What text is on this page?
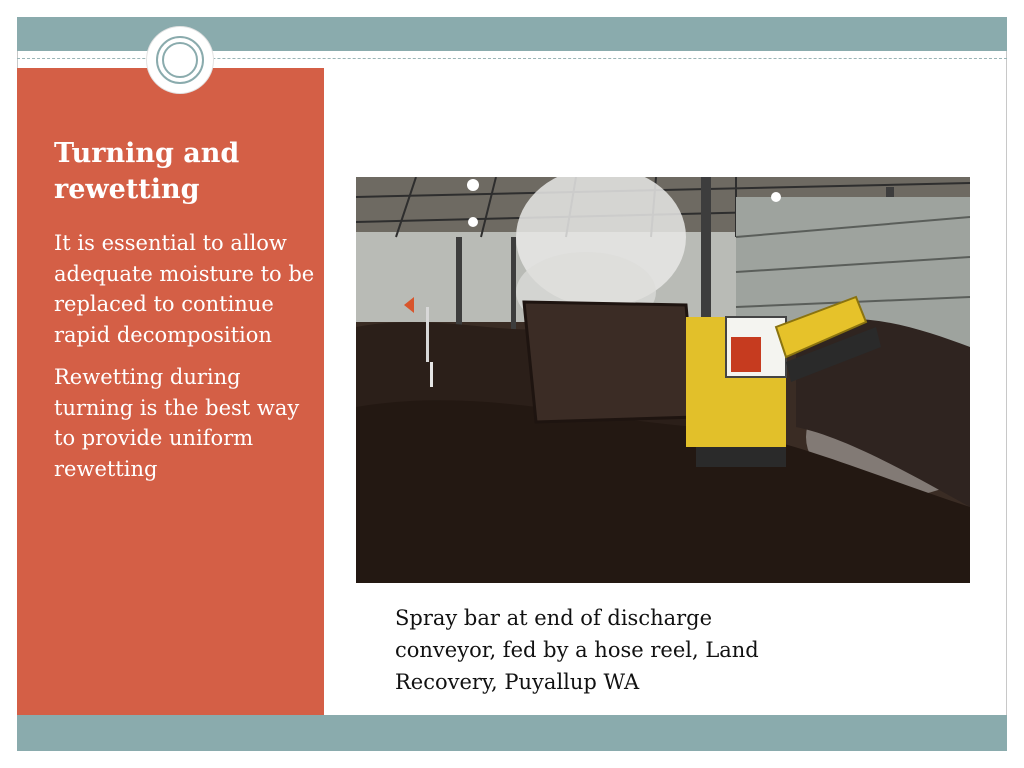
Turning and rewetting

It is essential to allow adequate moisture to be replaced to continue rapid decomposition

Rewetting during turning is the best way to provide uniform rewetting

Spray bar at end of discharge conveyor, fed by a hose reel, Land Recovery, Puyallup WA
